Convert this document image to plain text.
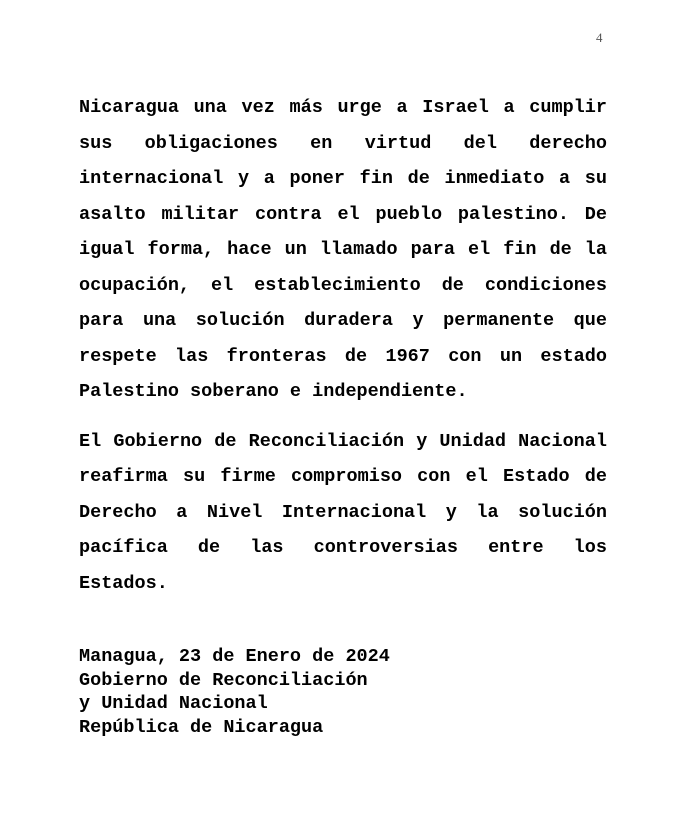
4

Nicaragua una vez más urge a Israel a cumplir sus obligaciones en virtud del derecho internacional y a poner fin de inmediato a su asalto militar contra el pueblo palestino. De igual forma, hace un llamado para el fin de la ocupación, el establecimiento de condiciones para una solución duradera y permanente que respete las fronteras de 1967 con un estado Palestino soberano e independiente.

El Gobierno de Reconciliación y Unidad Nacional reafirma su firme compromiso con el Estado de Derecho a Nivel Internacional y la solución pacífica de las controversias entre los Estados.

Managua, 23 de Enero de 2024
Gobierno de Reconciliación
y Unidad Nacional
República de Nicaragua
